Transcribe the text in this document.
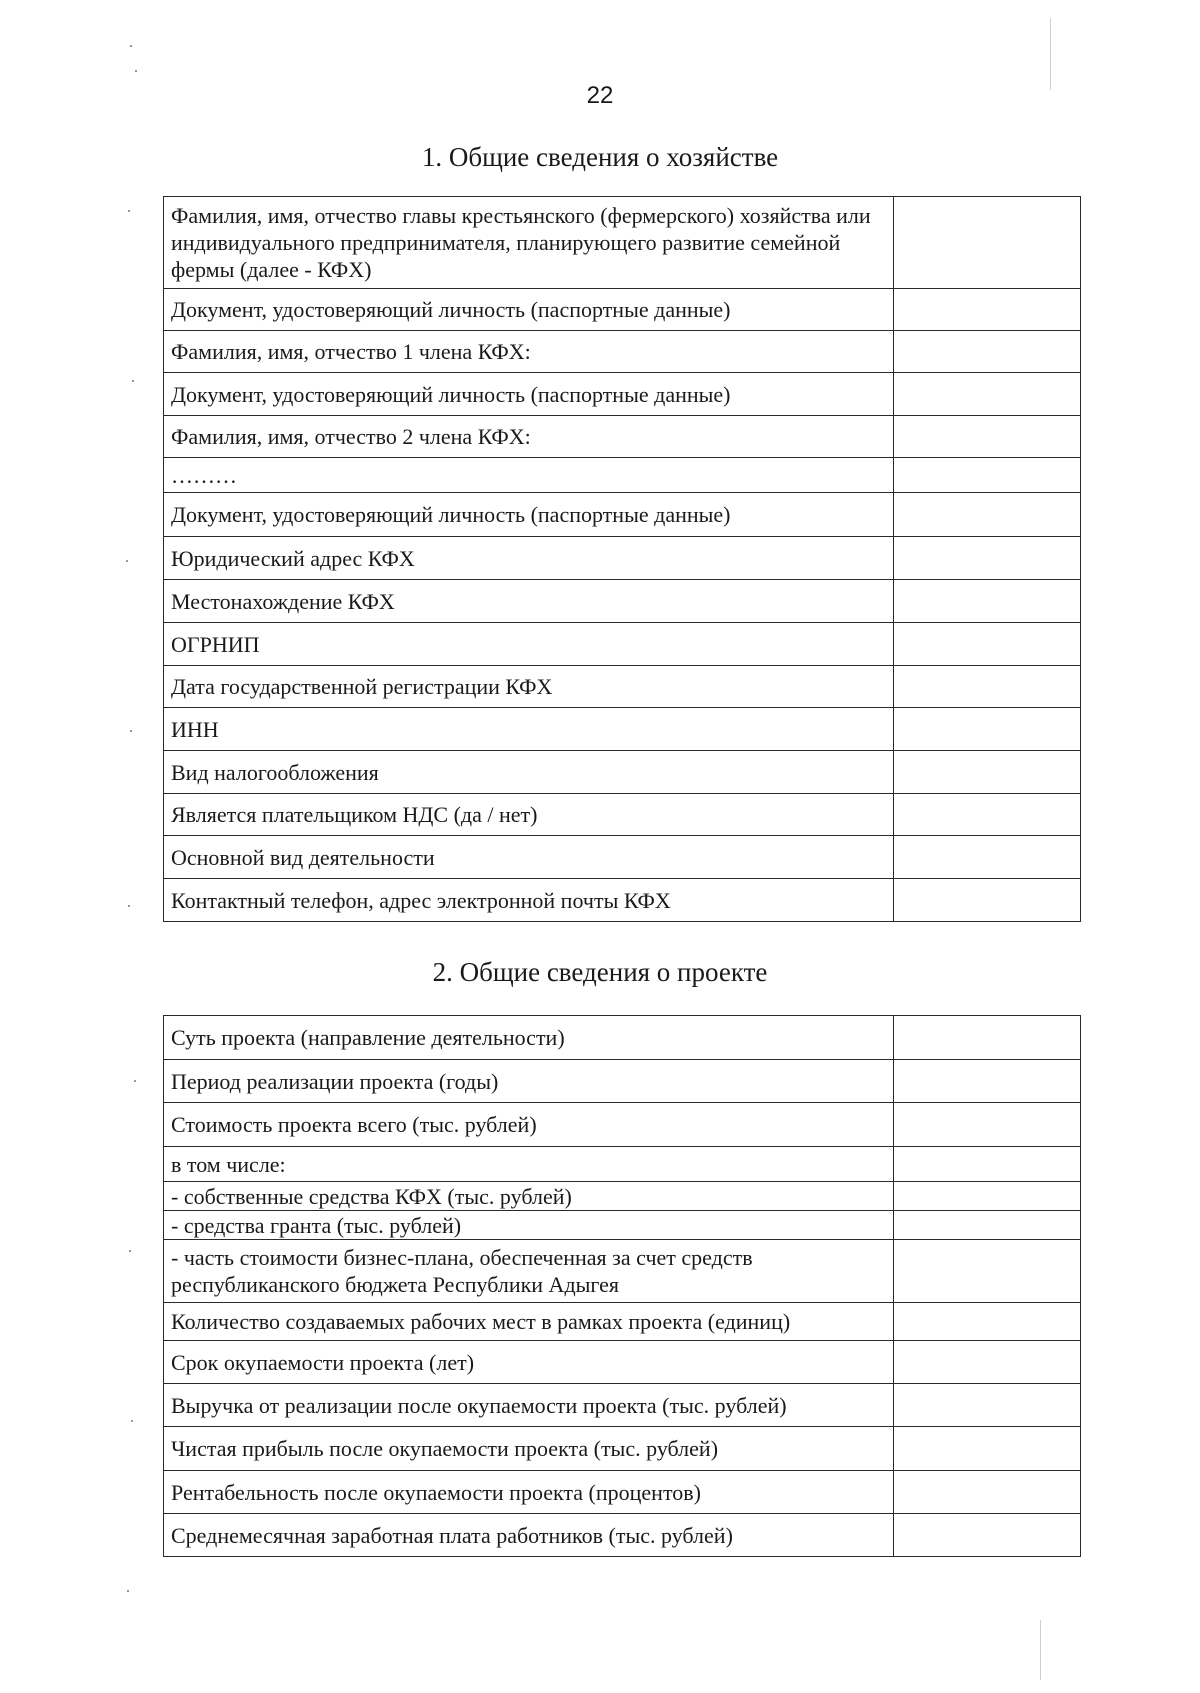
22
1. Общие сведения о хозяйстве
Фамилия, имя, отчество главы крестьянского (фермерского) хозяйства или индивидуального предпринимателя, планирующего развитие семейной фермы (далее - КФХ)	
Документ, удостоверяющий личность (паспортные данные)	
Фамилия, имя, отчество 1 члена КФХ:	
Документ, удостоверяющий личность (паспортные данные)	
Фамилия, имя, отчество 2 члена КФХ:	
………	
Документ, удостоверяющий личность (паспортные данные)	
Юридический адрес КФХ	
Местонахождение КФХ	
ОГРНИП	
Дата государственной регистрации КФХ	
ИНН	
Вид налогообложения	
Является плательщиком НДС (да / нет)	
Основной вид деятельности	
Контактный телефон, адрес электронной почты КФХ	
2. Общие сведения о проекте
Суть проекта (направление деятельности)	
Период реализации проекта (годы)	
Стоимость проекта всего (тыс. рублей)	
в том числе:	
- собственные средства КФХ (тыс. рублей)	
- средства гранта (тыс. рублей)	
- часть стоимости бизнес-плана, обеспеченная за счет средств республиканского бюджета Республики Адыгея	
Количество создаваемых рабочих мест в рамках проекта (единиц)	
Срок окупаемости проекта (лет)	
Выручка от реализации после окупаемости проекта (тыс. рублей)	
Чистая прибыль после окупаемости проекта (тыс. рублей)	
Рентабельность после окупаемости проекта (процентов)	
Среднемесячная заработная плата работников (тыс. рублей)	
